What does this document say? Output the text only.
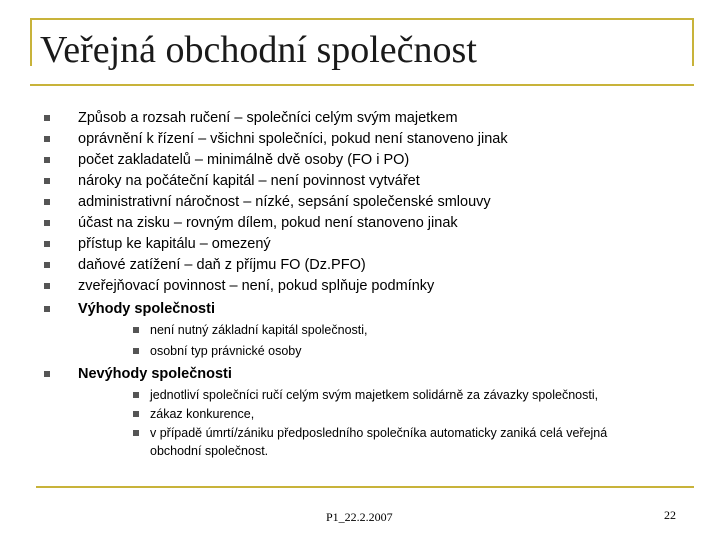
Veřejná obchodní společnost
Způsob a rozsah ručení – společníci celým svým majetkem
oprávnění k řízení – všichni společníci, pokud není stanoveno jinak
počet zakladatelů – minimálně dvě osoby (FO i PO)
nároky na počáteční kapitál – není povinnost vytvářet
administrativní náročnost – nízké, sepsání společenské smlouvy
účast na zisku – rovným dílem, pokud není stanoveno jinak
přístup ke kapitálu – omezený
daňové zatížení – daň z příjmu FO (Dz.PFO)
zveřejňovací povinnost – není, pokud splňuje podmínky
Výhody společnosti
není nutný základní kapitál společnosti,
osobní typ právnické osoby
Nevýhody společnosti
jednotliví společníci ručí celým svým majetkem solidárně za závazky společnosti,
zákaz konkurence,
v případě úmrtí/zániku předposledního společníka automaticky zaniká celá veřejná
obchodní společnost.
P1_22.2.2007	22
